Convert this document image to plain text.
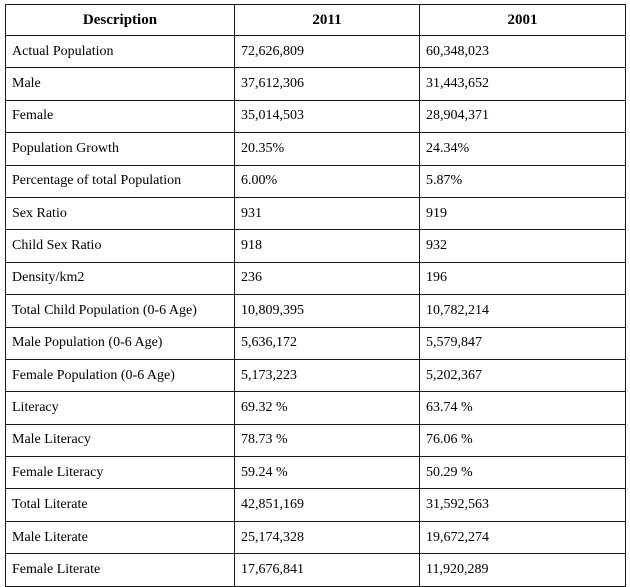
Description	2011	2001
Actual Population	72,626,809	60,348,023
Male	37,612,306	31,443,652
Female	35,014,503	28,904,371
Population Growth	20.35%	24.34%
Percentage of total Population	6.00%	5.87%
Sex Ratio	931	919
Child Sex Ratio	918	932
Density/km2	236	196
Total Child Population (0-6 Age)	10,809,395	10,782,214
Male Population (0-6 Age)	5,636,172	5,579,847
Female Population (0-6 Age)	5,173,223	5,202,367
Literacy	69.32 %	63.74 %
Male Literacy	78.73 %	76.06 %
Female Literacy	59.24 %	50.29 %
Total Literate	42,851,169	31,592,563
Male Literate	25,174,328	19,672,274
Female Literate	17,676,841	11,920,289
